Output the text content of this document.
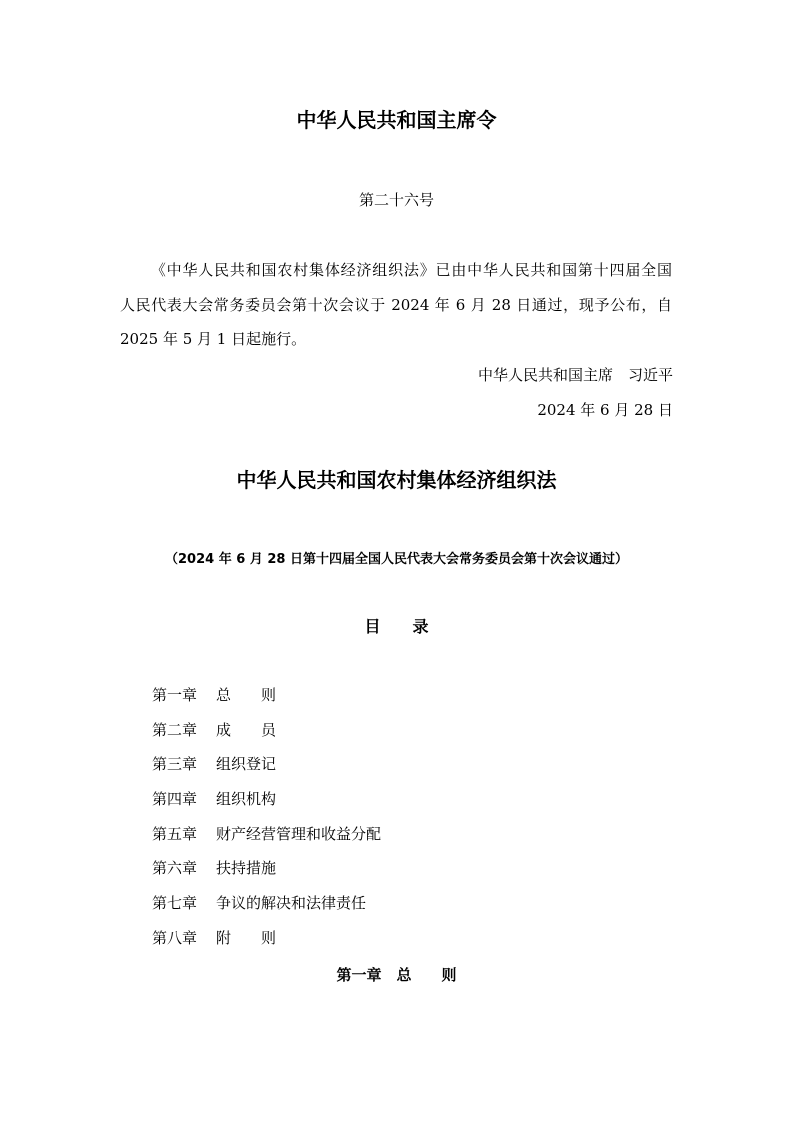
中华人民共和国主席令
第二十六号
《中华人民共和国农村集体经济组织法》已由中华人民共和国第十四届全国
人民代表大会常务委员会第十次会议于 2024 年 6 月 28 日通过，现予公布，自
2025 年 5 月 1 日起施行。
中华人民共和国主席　习近平
2024 年 6 月 28 日
中华人民共和国农村集体经济组织法
（2024 年 6 月 28 日第十四届全国人民代表大会常务委员会第十次会议通过）
目　　录
第一章	总　　则
第二章	成　　员
第三章	组织登记
第四章	组织机构
第五章	财产经营管理和收益分配
第六章	扶持措施
第七章	争议的解决和法律责任
第八章	附　　则
第一章　总　　则
